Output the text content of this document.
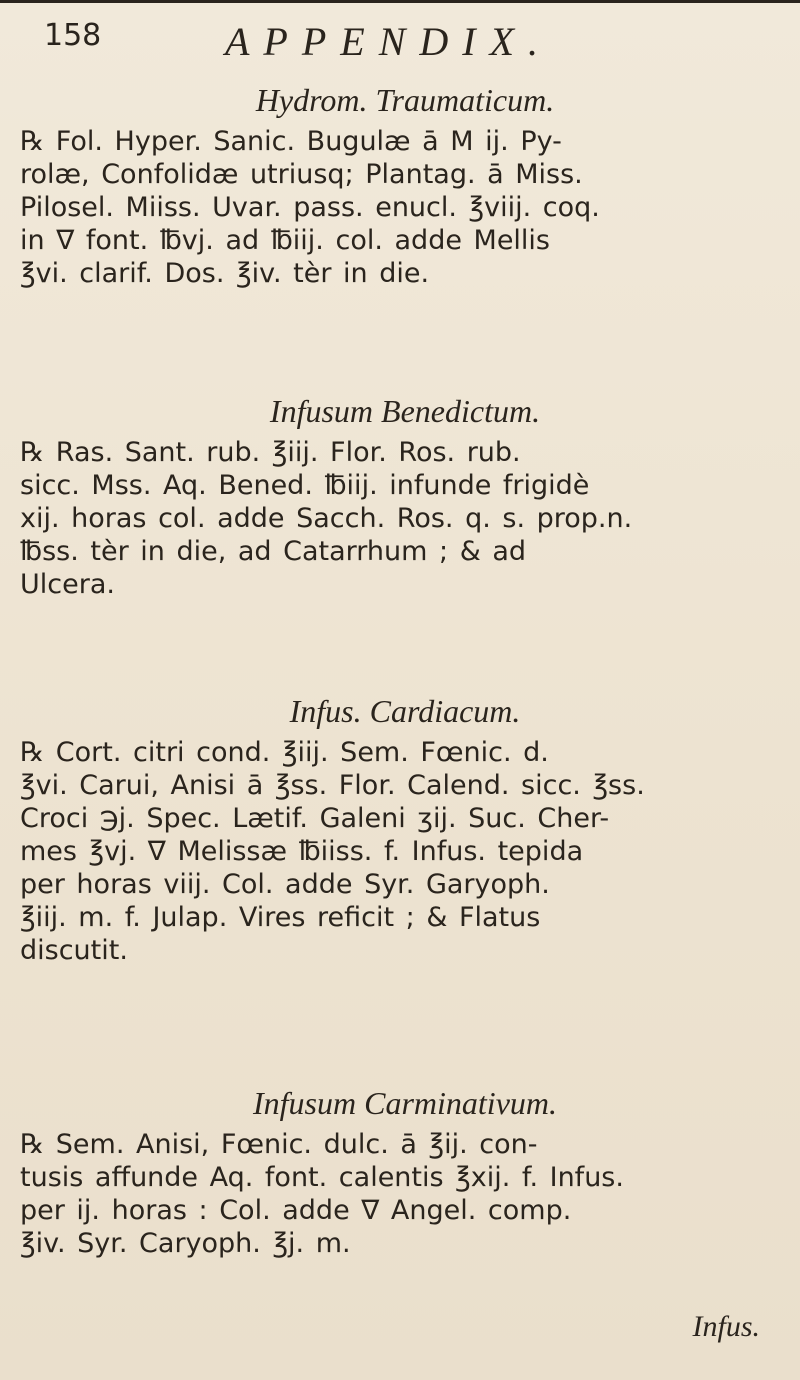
158	APPENDIX.
Hydrom. Traumaticum.
℞ Fol. Hyper. Sanic. Bugulæ ā M ij. Py-
rolæ, Confolidæ utriusq; Plantag. ā Miss.
Pilosel. Miiss. Uvar. pass. enucl. ℥viij. coq.
in ∇ font. ℔vj. ad ℔iij. col. adde Mellis
℥vi. clarif. Dos. ℥iv. tèr in die.
Infusum Benedictum.
℞ Ras. Sant. rub. ℥iij. Flor. Ros. rub.
sicc. Mss. Aq. Bened. ℔iij. infunde frigidè
xij. horas col. adde Sacch. Ros. q. s. prop.n.
℔ss. tèr in die, ad Catarrhum ; & ad
Ulcera.
Infus. Cardiacum.
℞ Cort. citri cond. ℥iij. Sem. Fœnic. d.
℥vi. Carui, Anisi ā ℥ss. Flor. Calend. sicc. ℥ss.
Croci ℈j. Spec. Lætif. Galeni ʒij. Suc. Cher-
mes ℥vj. ∇ Melissæ ℔iiss. f. Infus. tepida
per horas viij. Col. adde Syr. Garyoph.
℥iij. m. f. Julap. Vires reficit ; & Flatus
discutit.
Infusum Carminativum.
℞ Sem. Anisi, Fœnic. dulc. ā ℥ij. con-
tusis affunde Aq. font. calentis ℥xij. f. Infus.
per ij. horas : Col. adde ∇ Angel. comp.
℥iv. Syr. Caryoph. ℥j. m.
Infus.
